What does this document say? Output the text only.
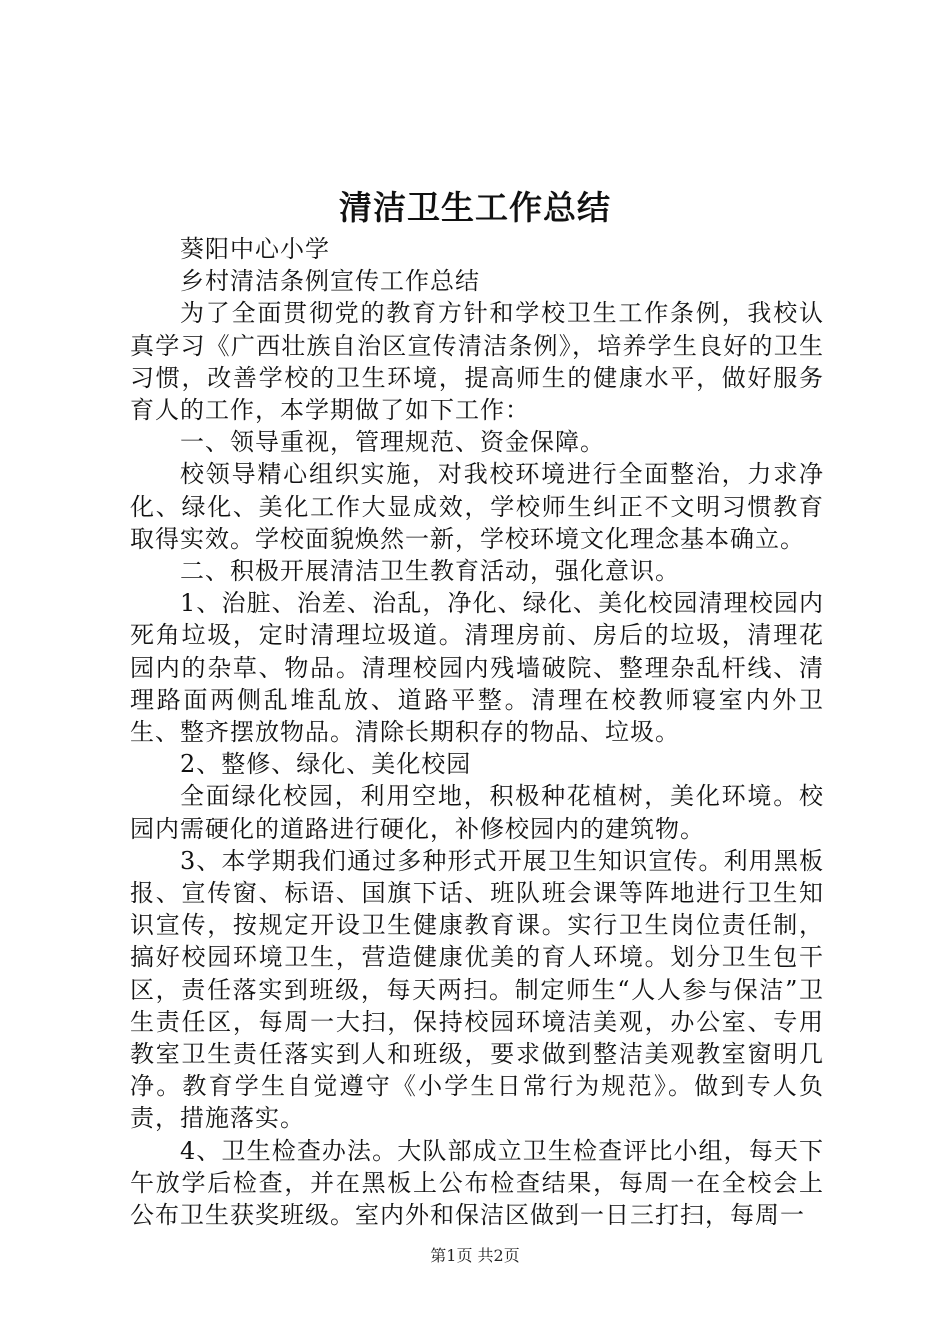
清洁卫生工作总结

葵阳中心小学

乡村清洁条例宣传工作总结

为了全面贯彻党的教育方针和学校卫生工作条例，我校认真学习《广西壮族自治区宣传清洁条例》，培养学生良好的卫生习惯，改善学校的卫生环境，提高师生的健康水平，做好服务育人的工作，本学期做了如下工作：

一、领导重视，管理规范、资金保障。

校领导精心组织实施，对我校环境进行全面整治，力求净化、绿化、美化工作大显成效，学校师生纠正不文明习惯教育取得实效。学校面貌焕然一新，学校环境文化理念基本确立。

二、积极开展清洁卫生教育活动，强化意识。

1、治脏、治差、治乱，净化、绿化、美化校园清理校园内死角垃圾，定时清理垃圾道。清理房前、房后的垃圾，清理花园内的杂草、物品。清理校园内残墙破院、整理杂乱杆线、清理路面两侧乱堆乱放、道路平整。清理在校教师寝室内外卫生、整齐摆放物品。清除长期积存的物品、垃圾。

2、整修、绿化、美化校园

全面绿化校园，利用空地，积极种花植树，美化环境。校园内需硬化的道路进行硬化，补修校园内的建筑物。

3、本学期我们通过多种形式开展卫生知识宣传。利用黑板报、宣传窗、标语、国旗下话、班队班会课等阵地进行卫生知识宣传，按规定开设卫生健康教育课。实行卫生岗位责任制，搞好校园环境卫生，营造健康优美的育人环境。划分卫生包干区，责任落实到班级，每天两扫。制定师生“人人参与保洁”卫生责任区，每周一大扫，保持校园环境洁美观，办公室、专用教室卫生责任落实到人和班级，要求做到整洁美观教室窗明几净。教育学生自觉遵守《小学生日常行为规范》。做到专人负责，措施落实。

4、卫生检查办法。大队部成立卫生检查评比小组，每天下午放学后检查，并在黑板上公布检查结果，每周一在全校会上公布卫生获奖班级。室内外和保洁区做到一日三打扫，每周一

第1页 共2页
